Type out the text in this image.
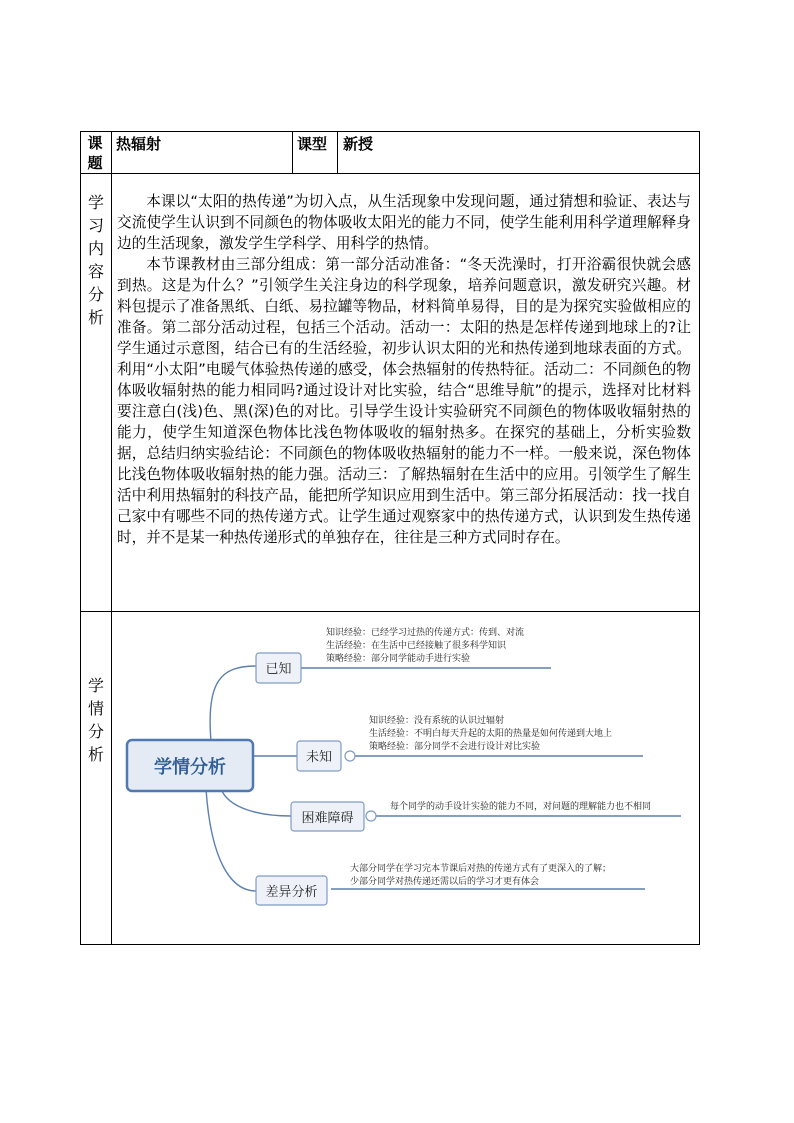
课题
热辐射	课型 新授
学习内容分析

本课以“太阳的热传递”为切入点，从生活现象中发现问题，通过猜想和验证、表达与交流使学生认识到不同颜色的物体吸收太阳光的能力不同，使学生能利用科学道理解释身边的生活现象，激发学生学科学、用科学的热情。

本节课教材由三部分组成：第一部分活动准备：“冬天洗澡时，打开浴霸很快就会感到热。这是为什么？”引领学生关注身边的科学现象，培养问题意识，激发研究兴趣。材料包提示了准备黑纸、白纸、易拉罐等物品，材料简单易得，目的是为探究实验做相应的准备。第二部分活动过程，包括三个活动。活动一：太阳的热是怎样传递到地球上的?让学生通过示意图，结合已有的生活经验，初步认识太阳的光和热传递到地球表面的方式。利用“小太阳”电暖气体验热传递的感受，体会热辐射的传热特征。活动二：不同颜色的物体吸收辐射热的能力相同吗?通过设计对比实验，结合“思维导航”的提示，选择对比材料要注意白(浅)色、黑(深)色的对比。引导学生设计实验研究不同颜色的物体吸收辐射热的能力，使学生知道深色物体比浅色物体吸收的辐射热多。在探究的基础上，分析实验数据，总结归纳实验结论：不同颜色的物体吸收热辐射的能力不一样。一般来说，深色物体比浅色物体吸收辐射热的能力强。活动三：了解热辐射在生活中的应用。引领学生了解生活中利用热辐射的科技产品，能把所学知识应用到生活中。第三部分拓展活动：找一找自己家中有哪些不同的热传递方式。让学生通过观察家中的热传递方式，认识到发生热传递时，并不是某一种热传递形式的单独存在，往往是三种方式同时存在。

学情分析
学情分析
已知
未知
困难障碍
差异分析
知识经验：已经学习过热的传递方式：传到、对流
生活经验：在生活中已经接触了很多科学知识
策略经验：部分同学能动手进行实验
知识经验：没有系统的认识过辐射
生活经验：不明白每天升起的太阳的热量是如何传递到大地上
策略经验：部分同学不会进行设计对比实验
每个同学的动手设计实验的能力不同，对问题的理解能力也不相同
大部分同学在学习完本节课后对热的传递方式有了更深入的了解；
少部分同学对热传递还需以后的学习才更有体会
